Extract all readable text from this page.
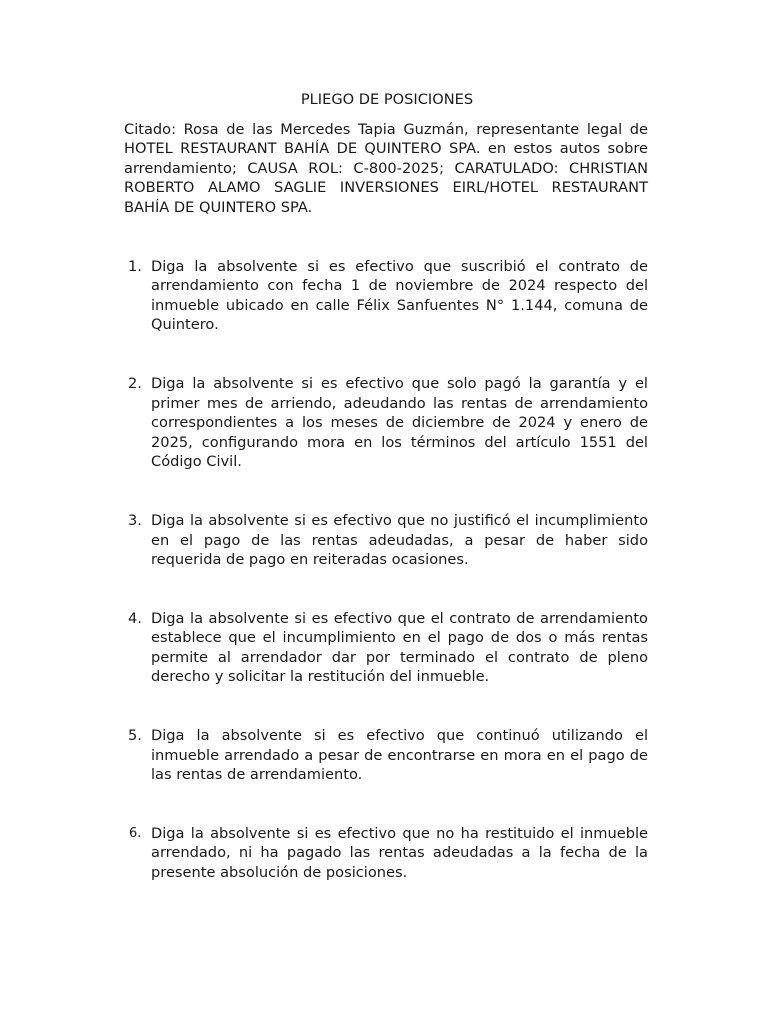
PLIEGO DE POSICIONES

Citado: Rosa de las Mercedes Tapia Guzmán, representante legal de HOTEL RESTAURANT BAHÍA DE QUINTERO SPA. en estos autos sobre arrendamiento; CAUSA ROL: C-800-2025; CARATULADO: CHRISTIAN ROBERTO ALAMO SAGLIE INVERSIONES EIRL/HOTEL RESTAURANT BAHÍA DE QUINTERO SPA.

1. Diga la absolvente si es efectivo que suscribió el contrato de arrendamiento con fecha 1 de noviembre de 2024 respecto del inmueble ubicado en calle Félix Sanfuentes N° 1.144, comuna de Quintero.
2. Diga la absolvente si es efectivo que solo pagó la garantía y el primer mes de arriendo, adeudando las rentas de arrendamiento correspondientes a los meses de diciembre de 2024 y enero de 2025, configurando mora en los términos del artículo 1551 del Código Civil.
3. Diga la absolvente si es efectivo que no justificó el incumplimiento en el pago de las rentas adeudadas, a pesar de haber sido requerida de pago en reiteradas ocasiones.
4. Diga la absolvente si es efectivo que el contrato de arrendamiento establece que el incumplimiento en el pago de dos o más rentas permite al arrendador dar por terminado el contrato de pleno derecho y solicitar la restitución del inmueble.
5. Diga la absolvente si es efectivo que continuó utilizando el inmueble arrendado a pesar de encontrarse en mora en el pago de las rentas de arrendamiento.
6. Diga la absolvente si es efectivo que no ha restituido el inmueble arrendado, ni ha pagado las rentas adeudadas a la fecha de la presente absolución de posiciones.
